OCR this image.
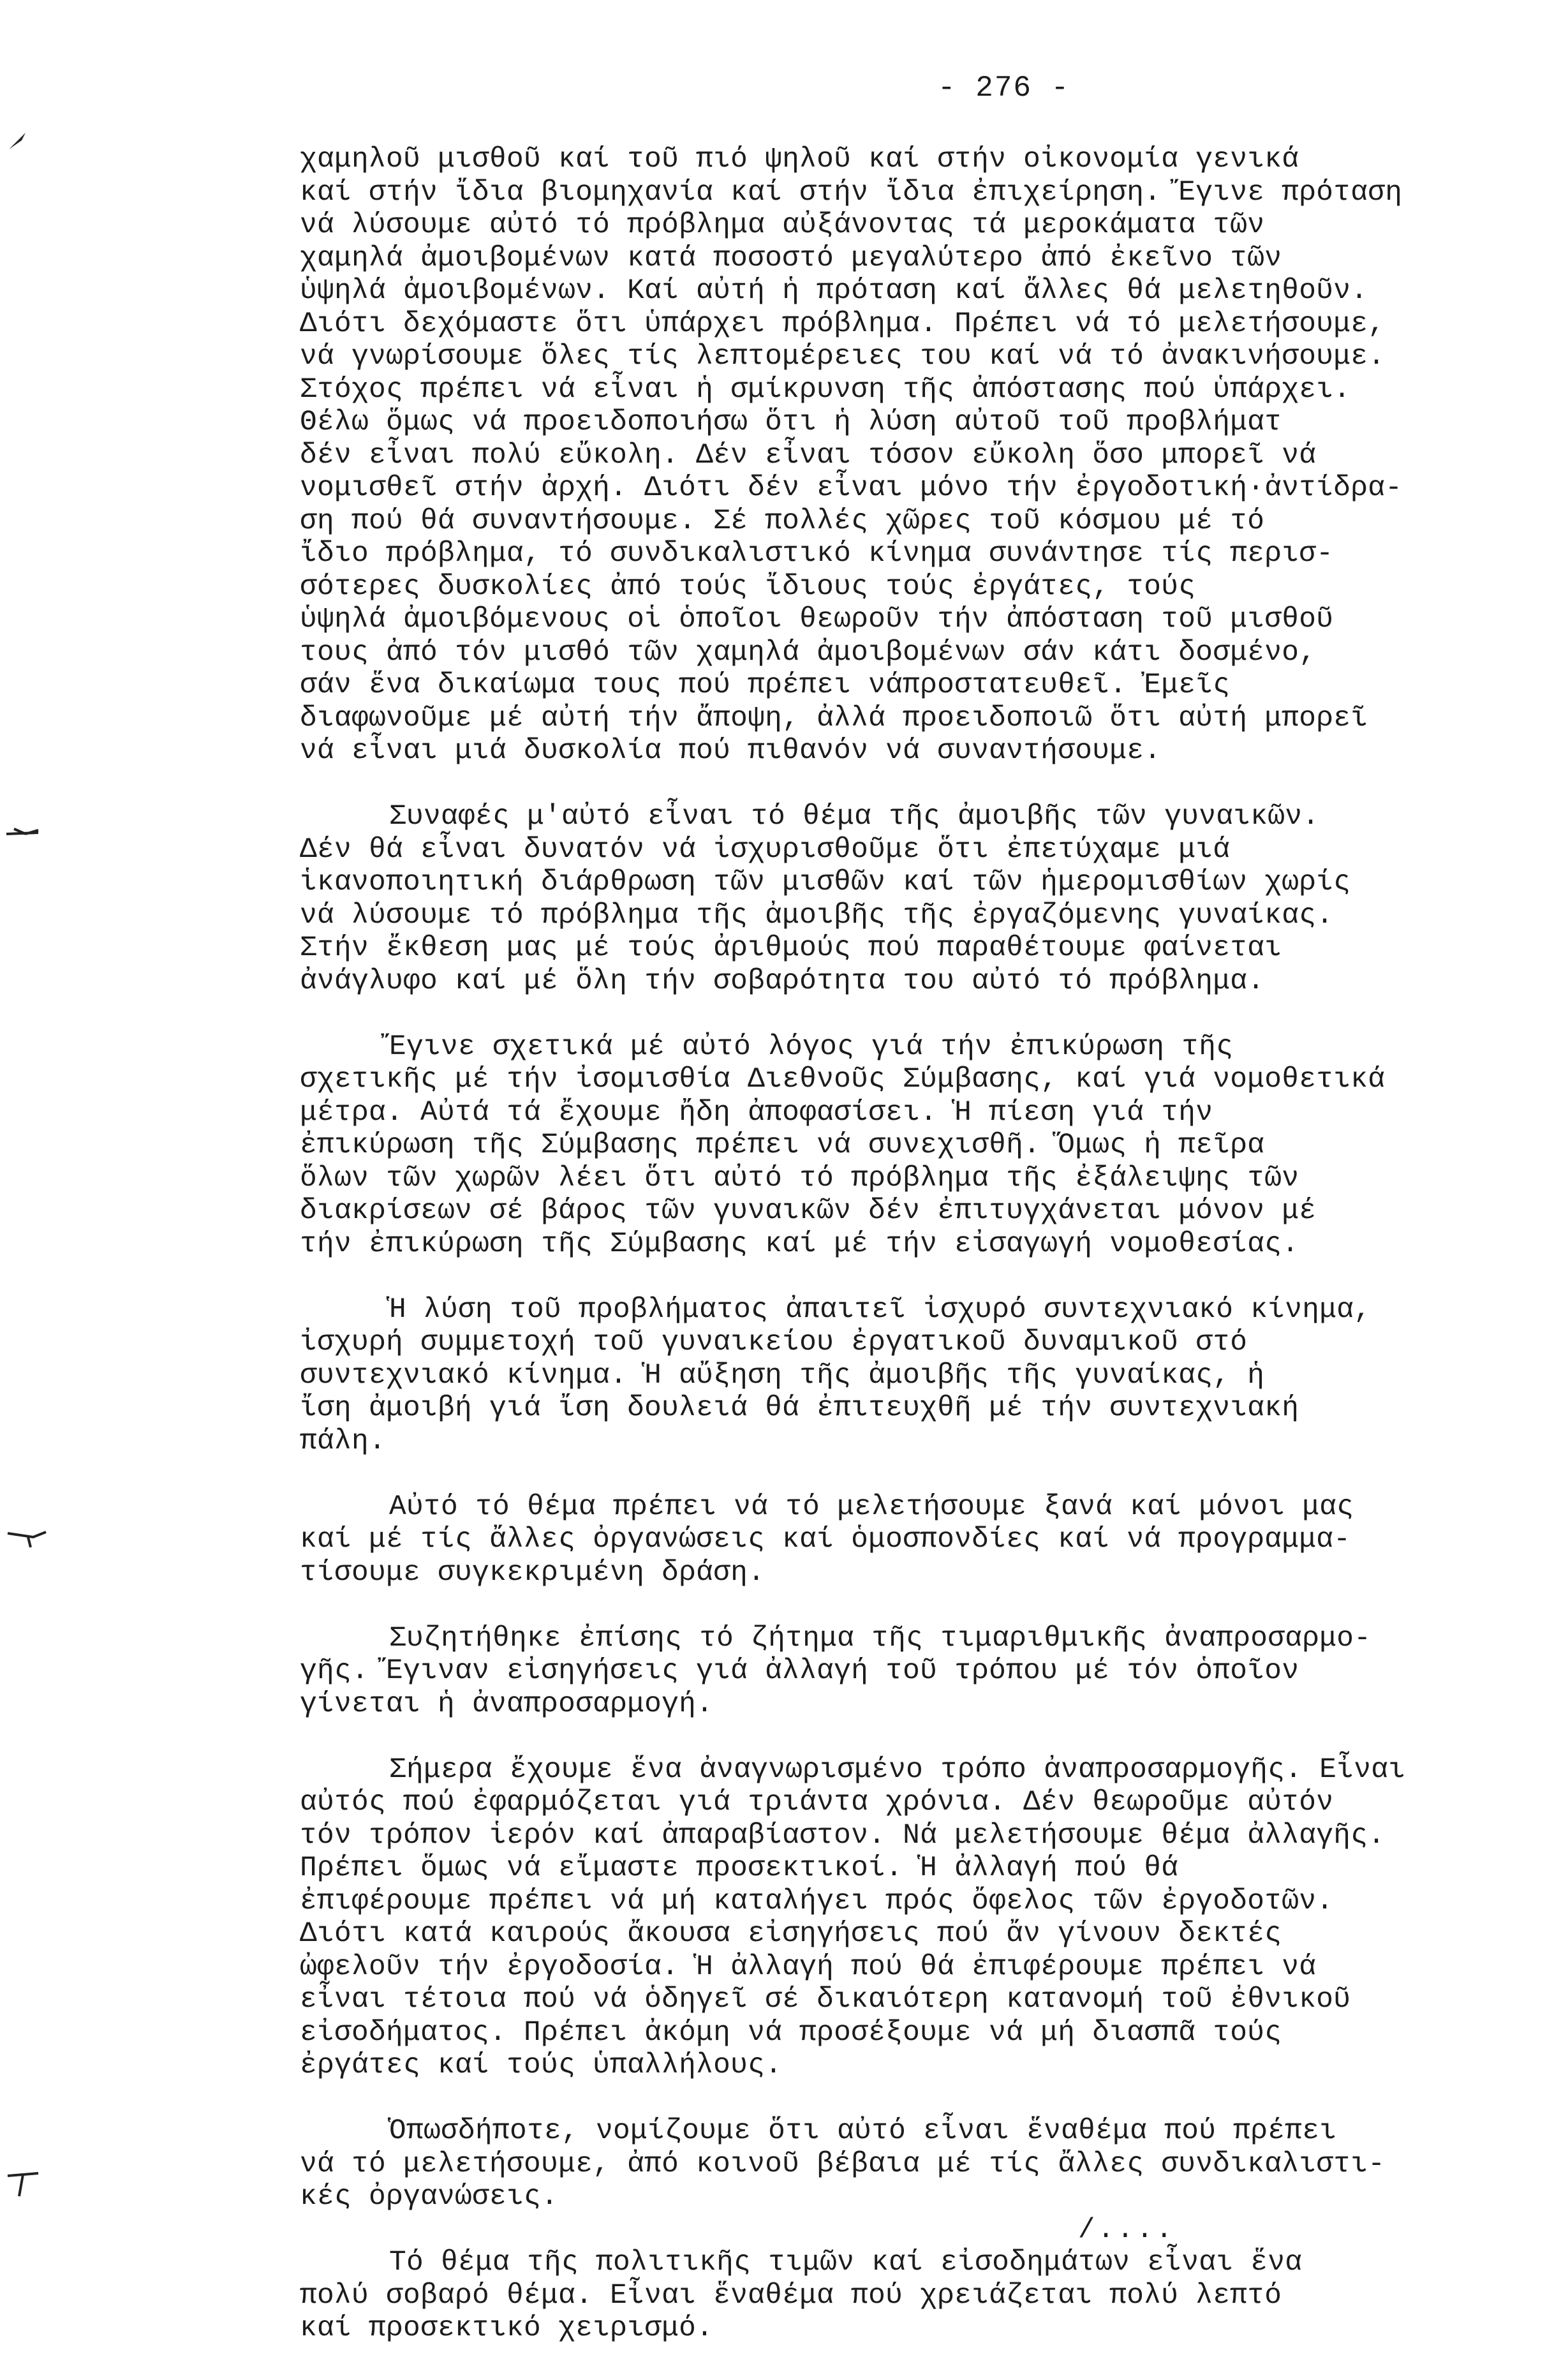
- 276 -
χαμηλοῦ μισθοῦ καί τοῦ πιό ψηλοῦ καί στήν οἰκονομία γενικά
καί στήν ἴδια βιομηχανία καί στήν ἴδια ἐπιχείρηση. Ἔγινε πρόταση
νά λύσουμε αὐτό τό πρόβλημα αὐξάνοντας τά μεροκάματα τῶν
χαμηλά ἀμοιβομένων κατά ποσοστό μεγαλύτερο ἀπό ἐκεῖνο τῶν
ὑψηλά ἀμοιβομένων. Καί αὐτή ἡ πρόταση καί ἄλλες θά μελετηθοῦν.
Διότι δεχόμαστε ὅτι ὑπάρχει πρόβλημα. Πρέπει νά τό μελετήσουμε,
νά γνωρίσουμε ὅλες τίς λεπτομέρειες του καί νά τό ἀνακινήσουμε.
Στόχος πρέπει νά εἶναι ἡ σμίκρυνση τῆς ἀπόστασης πού ὑπάρχει.
Θέλω ὅμως νά προειδοποιήσω ὅτι ἡ λύση αὐτοῦ τοῦ προβλήματ
δέν εἶναι πολύ εὔκολη. Δέν εἶναι τόσον εὔκολη ὅσο μπορεῖ νά
νομισθεῖ στήν ἀρχή. Διότι δέν εἶναι μόνο τήν ἐργοδοτική·ἀντίδρα-
ση πού θά συναντήσουμε. Σέ πολλές χῶρες τοῦ κόσμου μέ τό
ἴδιο πρόβλημα, τό συνδικαλιστικό κίνημα συνάντησε τίς περισ-
σότερες δυσκολίες ἀπό τούς ἴδιους τούς ἐργάτες, τούς
ὑψηλά ἀμοιβόμενους οἱ ὁποῖοι θεωροῦν τήν ἀπόσταση τοῦ μισθοῦ
τους ἀπό τόν μισθό τῶν χαμηλά ἀμοιβομένων σάν κάτι δοσμένο,
σάν ἕνα δικαίωμα τους πού πρέπει νάπροστατευθεῖ. Ἐμεῖς
διαφωνοῦμε μέ αὐτή τήν ἄποψη, ἀλλά προειδοποιῶ ὅτι αὐτή μπορεῖ
νά εἶναι μιά δυσκολία πού πιθανόν νά συναντήσουμε.
Συναφές μ'αὐτό εἶναι τό θέμα τῆς ἀμοιβῆς τῶν γυναικῶν.
Δέν θά εἶναι δυνατόν νά ἰσχυρισθοῦμε ὅτι ἐπετύχαμε μιά
ἱκανοποιητική διάρθρωση τῶν μισθῶν καί τῶν ἡμερομισθίων χωρίς
νά λύσουμε τό πρόβλημα τῆς ἀμοιβῆς τῆς ἐργαζόμενης γυναίκας.
Στήν ἔκθεση μας μέ τούς ἀριθμούς πού παραθέτουμε φαίνεται
ἀνάγλυφο καί μέ ὅλη τήν σοβαρότητα του αὐτό τό πρόβλημα.
Ἔγινε σχετικά μέ αὐτό λόγος γιά τήν ἐπικύρωση τῆς
σχετικῆς μέ τήν ἰσομισθία Διεθνοῦς Σύμβασης, καί γιά νομοθετικά
μέτρα. Αὐτά τά ἔχουμε ἤδη ἀποφασίσει. Ἡ πίεση γιά τήν
ἐπικύρωση τῆς Σύμβασης πρέπει νά συνεχισθῆ. Ὅμως ἡ πεῖρα
ὅλων τῶν χωρῶν λέει ὅτι αὐτό τό πρόβλημα τῆς ἐξάλειψης τῶν
διακρίσεων σέ βάρος τῶν γυναικῶν δέν ἐπιτυγχάνεται μόνον μέ
τήν ἐπικύρωση τῆς Σύμβασης καί μέ τήν εἰσαγωγή νομοθεσίας.
Ἡ λύση τοῦ προβλήματος ἀπαιτεῖ ἰσχυρό συντεχνιακό κίνημα,
ἰσχυρή συμμετοχή τοῦ γυναικείου ἐργατικοῦ δυναμικοῦ στό
συντεχνιακό κίνημα. Ἡ αὔξηση τῆς ἀμοιβῆς τῆς γυναίκας, ἡ
ἴση ἀμοιβή γιά ἴση δουλειά θά ἐπιτευχθῆ μέ τήν συντεχνιακή
πάλη.
Αὐτό τό θέμα πρέπει νά τό μελετήσουμε ξανά καί μόνοι μας
καί μέ τίς ἄλλες ὀργανώσεις καί ὁμοσπονδίες καί νά προγραμμα-
τίσουμε συγκεκριμένη δράση.
Συζητήθηκε ἐπίσης τό ζήτημα τῆς τιμαριθμικῆς ἀναπροσαρμο-
γῆς. Ἔγιναν εἰσηγήσεις γιά ἀλλαγή τοῦ τρόπου μέ τόν ὁποῖον
γίνεται ἡ ἀναπροσαρμογή.
Σήμερα ἔχουμε ἕνα ἀναγνωρισμένο τρόπο ἀναπροσαρμογῆς. Εἶναι
αὐτός πού ἐφαρμόζεται γιά τριάντα χρόνια. Δέν θεωροῦμε αὐτόν
τόν τρόπον ἱερόν καί ἀπαραβίαστον. Νά μελετήσουμε θέμα ἀλλαγῆς.
Πρέπει ὅμως νά εἴμαστε προσεκτικοί. Ἡ ἀλλαγή πού θά
ἐπιφέρουμε πρέπει νά μή καταλήγει πρός ὄφελος τῶν ἐργοδοτῶν.
Διότι κατά καιρούς ἄκουσα εἰσηγήσεις πού ἄν γίνουν δεκτές
ὠφελοῦν τήν ἐργοδοσία. Ἡ ἀλλαγή πού θά ἐπιφέρουμε πρέπει νά
εἶναι τέτοια πού νά ὁδηγεῖ σέ δικαιότερη κατανομή τοῦ ἐθνικοῦ
εἰσοδήματος. Πρέπει ἀκόμη νά προσέξουμε νά μή διασπᾶ τούς
ἐργάτες καί τούς ὑπαλλήλους.
Ὁπωσδήποτε, νομίζουμε ὅτι αὐτό εἶναι ἕναθέμα πού πρέπει
νά τό μελετήσουμε, ἀπό κοινοῦ βέβαια μέ τίς ἄλλες συνδικαλιστι-
κές ὀργανώσεις.
Τό θέμα τῆς πολιτικῆς τιμῶν καί εἰσοδημάτων εἶναι ἕνα
πολύ σοβαρό θέμα. Εἶναι ἕναθέμα πού χρειάζεται πολύ λεπτό
καί προσεκτικό χειρισμό.
/....
